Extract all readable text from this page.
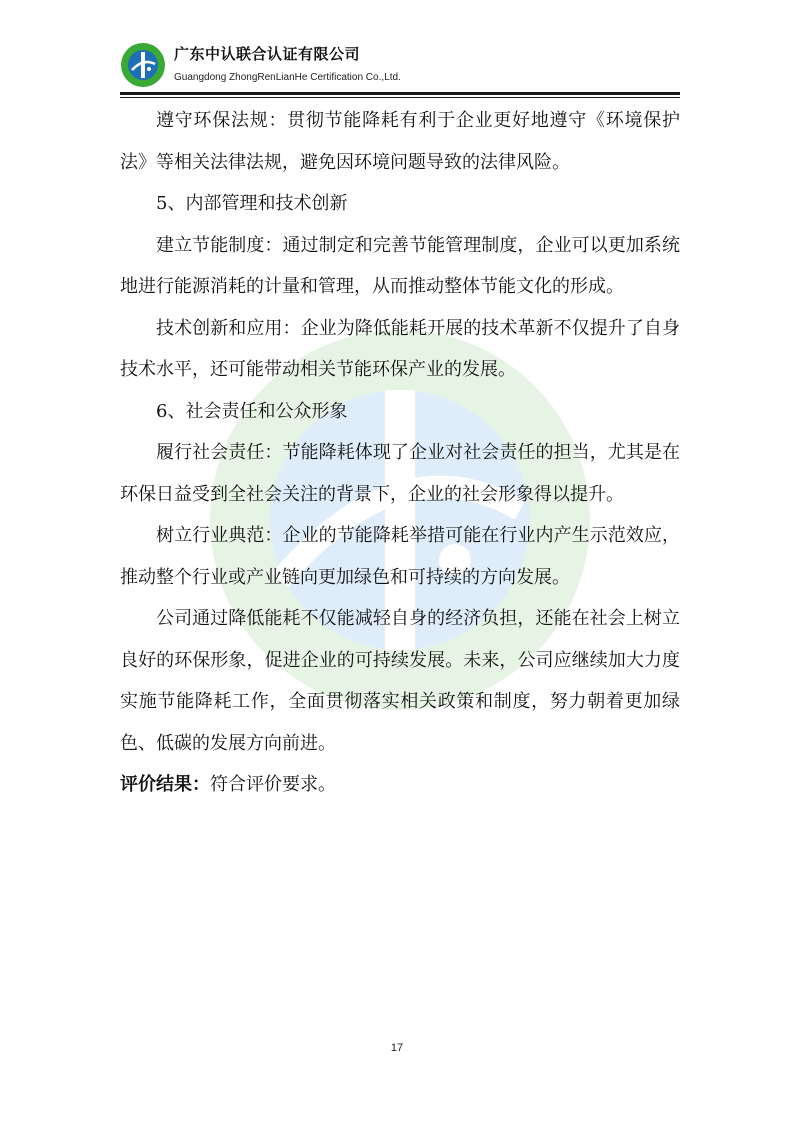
广东中认联合认证有限公司
Guangdong ZhongRenLianHe Certification Co.,Ltd.

遵守环保法规：贯彻节能降耗有利于企业更好地遵守《环境保护法》等相关法律法规，避免因环境问题导致的法律风险。

5、内部管理和技术创新

建立节能制度：通过制定和完善节能管理制度，企业可以更加系统地进行能源消耗的计量和管理，从而推动整体节能文化的形成。

技术创新和应用：企业为降低能耗开展的技术革新不仅提升了自身技术水平，还可能带动相关节能环保产业的发展。

6、社会责任和公众形象

履行社会责任：节能降耗体现了企业对社会责任的担当，尤其是在环保日益受到全社会关注的背景下，企业的社会形象得以提升。

树立行业典范：企业的节能降耗举措可能在行业内产生示范效应，推动整个行业或产业链向更加绿色和可持续的方向发展。

公司通过降低能耗不仅能减轻自身的经济负担，还能在社会上树立良好的环保形象，促进企业的可持续发展。未来，公司应继续加大力度实施节能降耗工作，全面贯彻落实相关政策和制度，努力朝着更加绿色、低碳的发展方向前进。

评价结果：符合评价要求。
17
